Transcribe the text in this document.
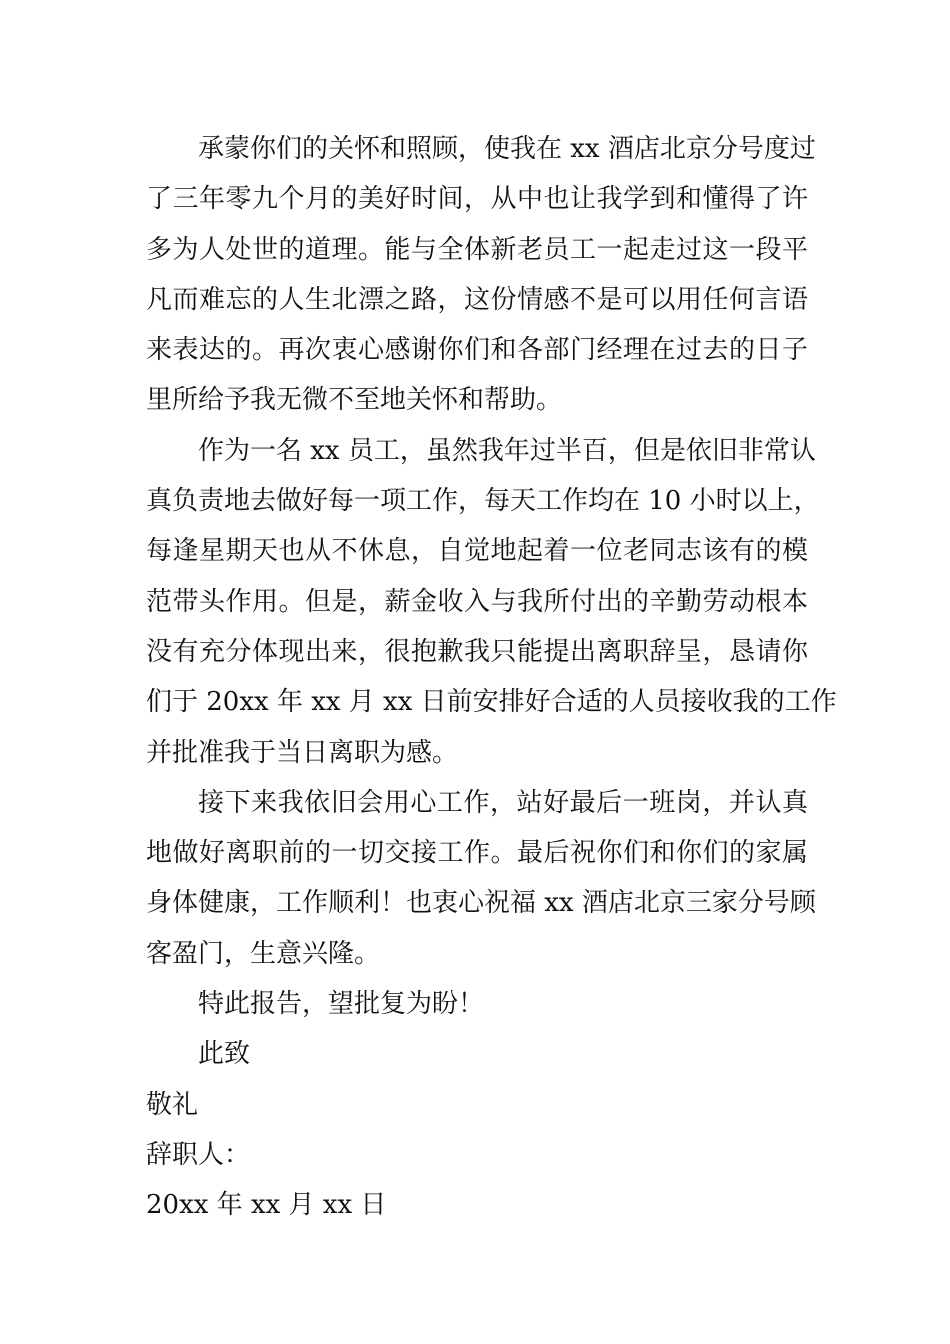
承蒙你们的关怀和照顾，使我在 xx 酒店北京分号度过
了三年零九个月的美好时间，从中也让我学到和懂得了许
多为人处世的道理。能与全体新老员工一起走过这一段平
凡而难忘的人生北漂之路，这份情感不是可以用任何言语
来表达的。再次衷心感谢你们和各部门经理在过去的日子
里所给予我无微不至地关怀和帮助。
作为一名 xx 员工，虽然我年过半百，但是依旧非常认
真负责地去做好每一项工作，每天工作均在 10 小时以上，
每逢星期天也从不休息，自觉地起着一位老同志该有的模
范带头作用。但是，薪金收入与我所付出的辛勤劳动根本
没有充分体现出来，很抱歉我只能提出离职辞呈，恳请你
们于 20xx 年 xx 月 xx 日前安排好合适的人员接收我的工作
并批准我于当日离职为感。
接下来我依旧会用心工作，站好最后一班岗，并认真
地做好离职前的一切交接工作。最后祝你们和你们的家属
身体健康，工作顺利！也衷心祝福 xx 酒店北京三家分号顾
客盈门，生意兴隆。
特此报告，望批复为盼！
此致
敬礼
辞职人：
20xx 年 xx 月 xx 日
